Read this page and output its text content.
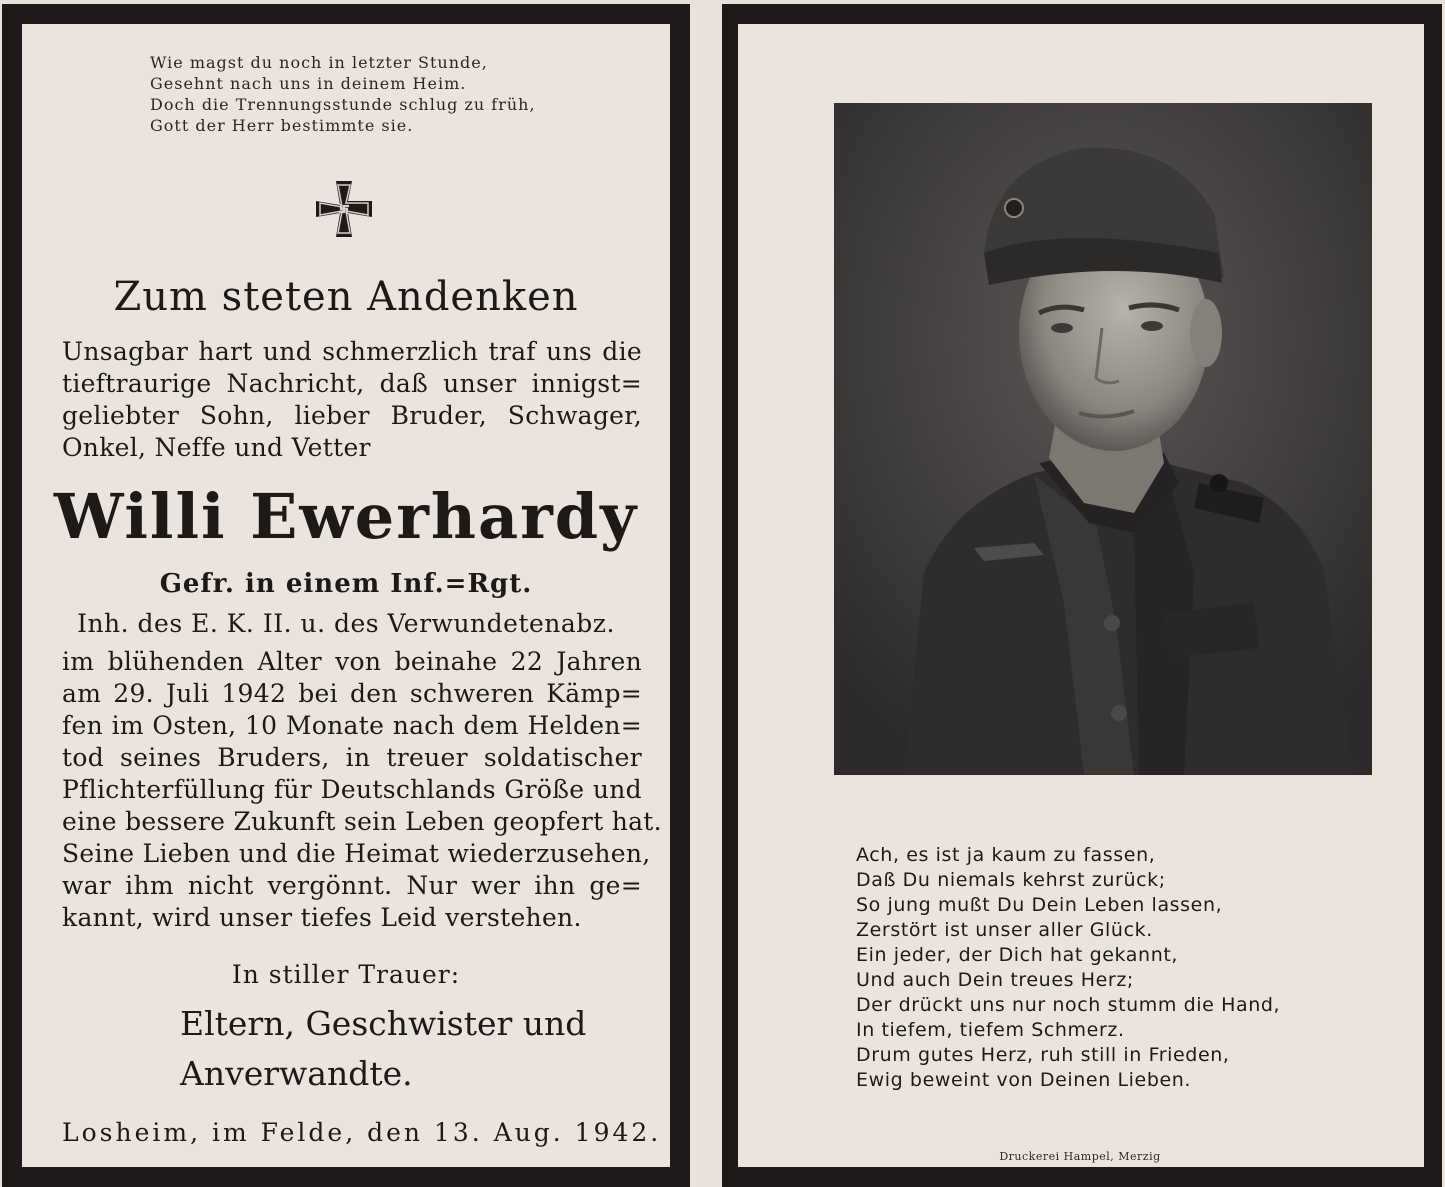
Wie magst du noch in letzter Stunde,
Gesehnt nach uns in deinem Heim.
Doch die Trennungsstunde schlug zu früh,
Gott der Herr bestimmte sie.
Zum steten Andenken
Unsagbar hart und schmerzlich traf uns die
tieftraurige Nachricht, daß unser innigst=
geliebter Sohn, lieber Bruder, Schwager,
Onkel, Neffe und Vetter
Willi Ewerhardy
Gefr. in einem Inf.=Rgt.
Inh. des E. K. II. u. des Verwundetenabz.
im blühenden Alter von beinahe 22 Jahren
am 29. Juli 1942 bei den schweren Kämp=
fen im Osten, 10 Monate nach dem Helden=
tod seines Bruders, in treuer soldatischer
Pflichterfüllung für Deutschlands Größe und
eine bessere Zukunft sein Leben geopfert hat.
Seine Lieben und die Heimat wiederzusehen,
war ihm nicht vergönnt. Nur wer ihn ge=
kannt, wird unser tiefes Leid verstehen.
In stiller Trauer:
Eltern, Geschwister und
Anverwandte.
Losheim, im Felde, den 13. Aug. 1942.
Ach, es ist ja kaum zu fassen,
Daß Du niemals kehrst zurück;
So jung mußt Du Dein Leben lassen,
Zerstört ist unser aller Glück.
Ein jeder, der Dich hat gekannt,
Und auch Dein treues Herz;
Der drückt uns nur noch stumm die Hand,
In tiefem, tiefem Schmerz.
Drum gutes Herz, ruh still in Frieden,
Ewig beweint von Deinen Lieben.
Druckerei Hampel, Merzig
